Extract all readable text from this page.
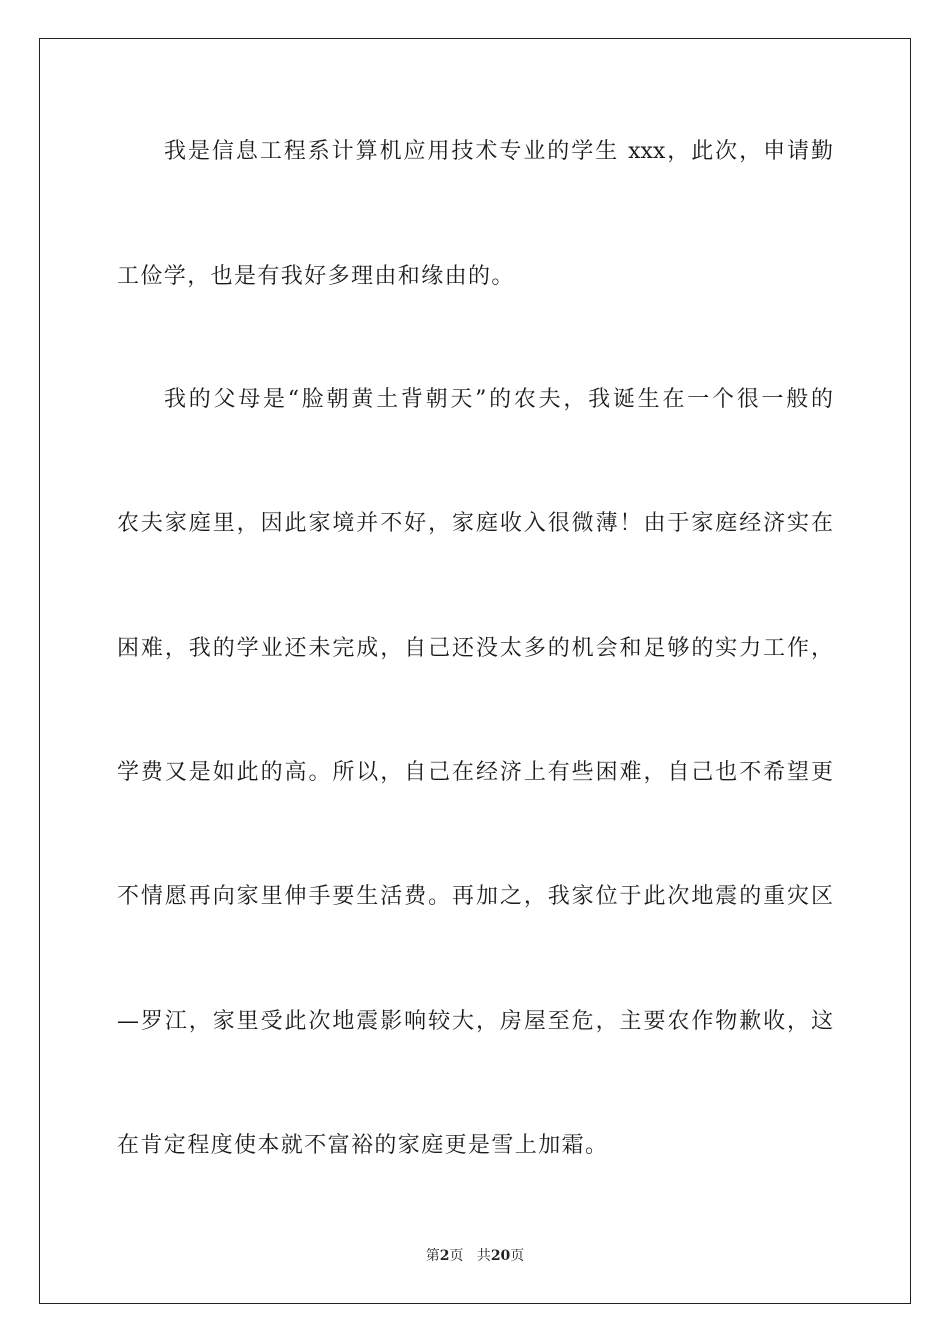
我是信息工程系计算机应用技术专业的学生 xxx，此次，申请勤
工俭学，也是有我好多理由和缘由的。
我的父母是“脸朝黄土背朝天”的农夫，我诞生在一个很一般的
农夫家庭里，因此家境并不好，家庭收入很微薄！由于家庭经济实在
困难，我的学业还未完成，自己还没太多的机会和足够的实力工作，
学费又是如此的高。所以，自己在经济上有些困难，自己也不希望更
不情愿再向家里伸手要生活费。再加之，我家位于此次地震的重灾区
—罗江，家里受此次地震影响较大，房屋至危，主要农作物歉收，这
在肯定程度使本就不富裕的家庭更是雪上加霜。
第2页 共20页
